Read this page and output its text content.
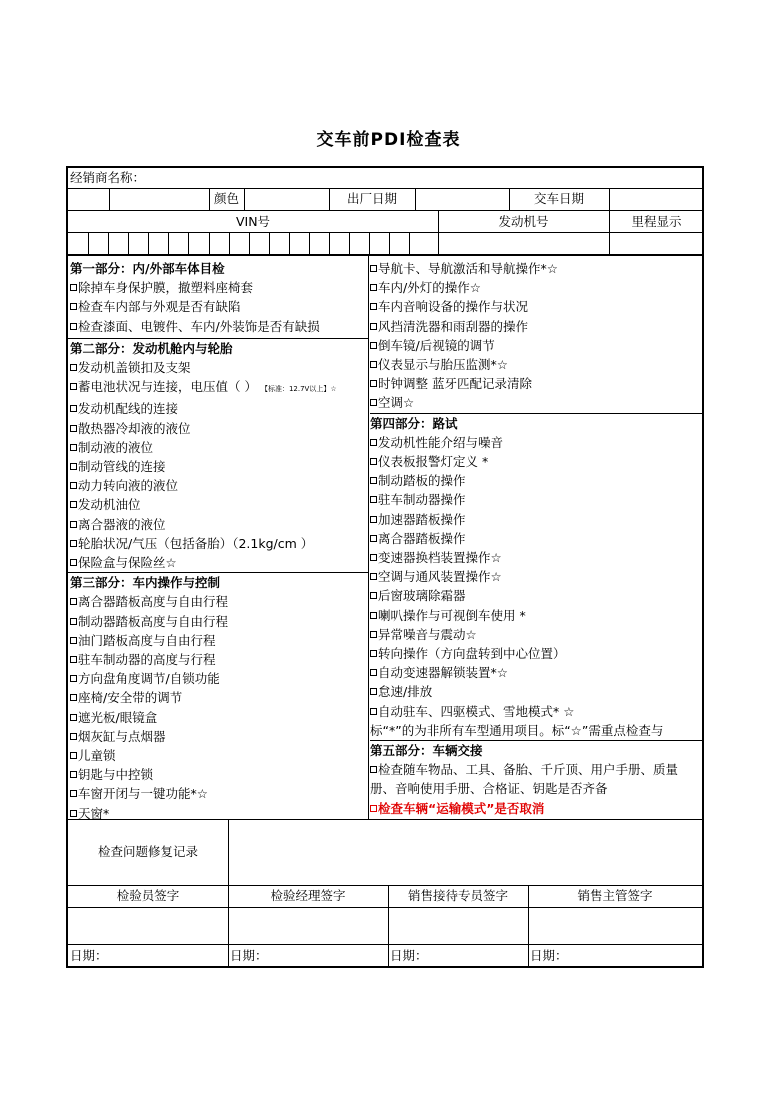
交车前PDI检查表
经销商名称：
颜色	出厂日期	交车日期
VIN号	发动机号	里程显示
第一部分：内/外部车体目检
除掉车身保护膜，撤塑料座椅套
检查车内部与外观是否有缺陷
检查漆面、电镀件、车内/外装饰是否有缺损
第二部分：发动机舱内与轮胎
发动机盖锁扣及支架
蓄电池状况与连接，电压值（ ） 【标准：12.7V以上】☆
发动机配线的连接
散热器冷却液的液位
制动液的液位
制动管线的连接
动力转向液的液位
发动机油位
离合器液的液位
轮胎状况/气压（包括备胎）（2.1kg/cm ）
保险盒与保险丝☆
第三部分：车内操作与控制
离合器踏板高度与自由行程
制动器踏板高度与自由行程
油门踏板高度与自由行程
驻车制动器的高度与行程
方向盘角度调节/自锁功能
座椅/安全带的调节
遮光板/眼镜盒
烟灰缸与点烟器
儿童锁
钥匙与中控锁
车窗开闭与一键功能*☆
天窗*
导航卡、导航激活和导航操作*☆
车内/外灯的操作☆
车内音响设备的操作与状况
风挡清洗器和雨刮器的操作
倒车镜/后视镜的调节
仪表显示与胎压监测*☆
时钟调整 蓝牙匹配记录清除
空调☆
第四部分：路试
发动机性能介绍与噪音
仪表板报警灯定义 *
制动踏板的操作
驻车制动器操作
加速器踏板操作
离合器踏板操作
变速器换档装置操作☆
空调与通风装置操作☆
后窗玻璃除霜器
喇叭操作与可视倒车使用 *
异常噪音与震动☆
转向操作（方向盘转到中心位置）
自动变速器解锁装置*☆
怠速/排放
自动驻车、四驱模式、雪地模式* ☆
标“*”的为非所有车型通用项目。标“☆”需重点检查与
第五部分：车辆交接
检查随车物品、工具、备胎、千斤顶、用户手册、质量
册、音响使用手册、合格证、钥匙是否齐备
检查车辆“运输模式”是否取消
检查问题修复记录
检验员签字	检验经理签字	销售接待专员签字	销售主管签字
日期：	日期：	日期：	日期：
